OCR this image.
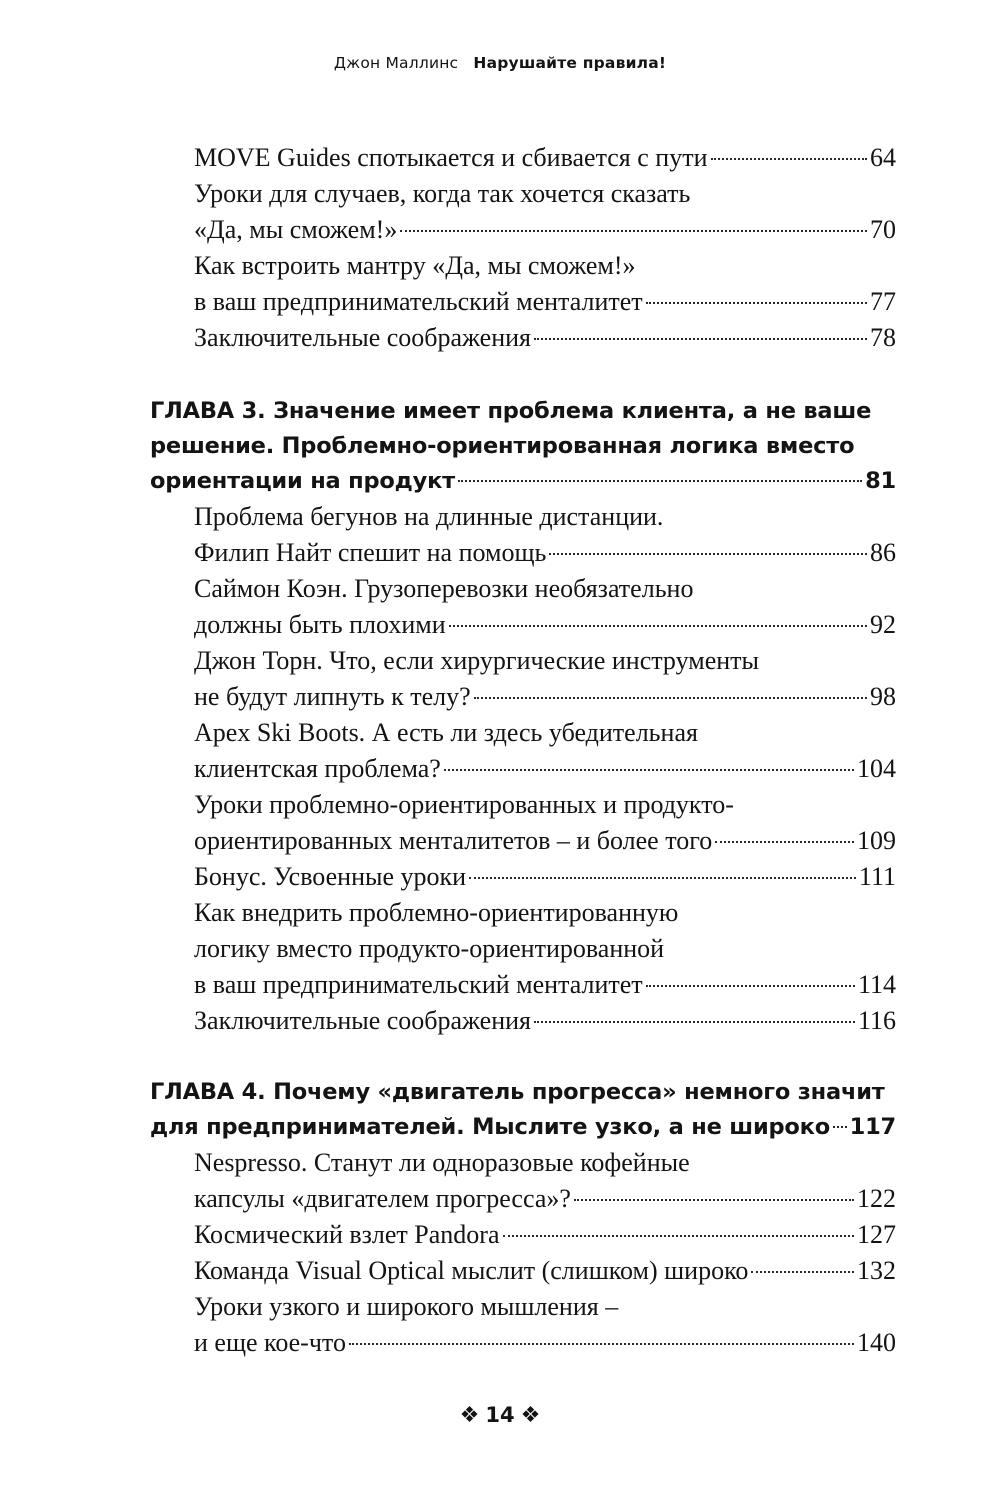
Джон Маллинс Нарушайте правила!
MOVE Guides спотыкается и сбивается с пути	64
Уроки для случаев, когда так хочется сказать
«Да, мы сможем!»	70
Как встроить мантру «Да, мы сможем!»
в ваш предпринимательский менталитет	77
Заключительные соображения	78
ГЛАВА 3. Значение имеет проблема клиента, а не ваше
решение. Проблемно-ориентированная логика вместо
ориентации на продукт	81
Проблема бегунов на длинные дистанции.
Филип Найт спешит на помощь	86
Саймон Коэн. Грузоперевозки необязательно
должны быть плохими	92
Джон Торн. Что, если хирургические инструменты
не будут липнуть к телу?	98
Apex Ski Boots. А есть ли здесь убедительная
клиентская проблема?	104
Уроки проблемно-ориентированных и продукто-
ориентированных менталитетов – и более того	109
Бонус. Усвоенные уроки	111
Как внедрить проблемно-ориентированную
логику вместо продукто-ориентированной
в ваш предпринимательский менталитет	114
Заключительные соображения	116
ГЛАВА 4. Почему «двигатель прогресса» немного значит
для предпринимателей. Мыслите узко, а не широко 117
Nespresso. Станут ли одноразовые кофейные
капсулы «двигателем прогресса»?	122
Космический взлет Pandora	127
Команда Visual Optical мыслит (слишком) широко	132
Уроки узкого и широкого мышления –
и еще кое-что	140
❖ 14 ❖
